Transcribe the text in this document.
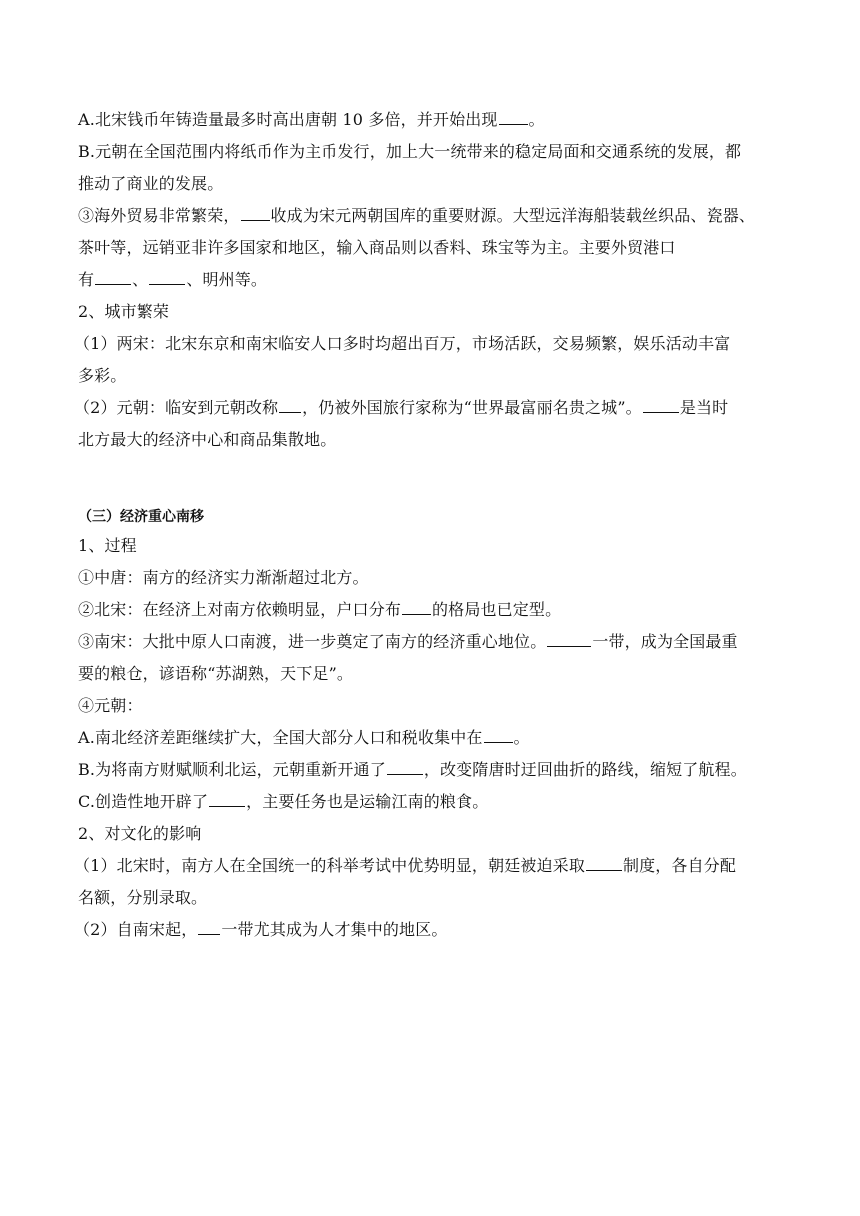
A.北宋钱币年铸造量最多时高出唐朝 10 多倍，并开始出现 。
B.元朝在全国范围内将纸币作为主币发行，加上大一统带来的稳定局面和交通系统的发展，都
推动了商业的发展。
③海外贸易非常繁荣， 收成为宋元两朝国库的重要财源。大型远洋海船装载丝织品、瓷器、
茶叶等，远销亚非许多国家和地区，输入商品则以香料、珠宝等为主。主要外贸港口
有 、 、明州等。
2、城市繁荣
（1）两宋：北宋东京和南宋临安人口多时均超出百万，市场活跃，交易频繁，娱乐活动丰富
多彩。
（2）元朝：临安到元朝改称 ，仍被外国旅行家称为“世界最富丽名贵之城”。 是当时
北方最大的经济中心和商品集散地。
（三）经济重心南移
1、过程
①中唐：南方的经济实力渐渐超过北方。
②北宋：在经济上对南方依赖明显，户口分布 的格局也已定型。
③南宋：大批中原人口南渡，进一步奠定了南方的经济重心地位。	一带，成为全国最重
要的粮仓，谚语称“苏湖熟，天下足”。
④元朝：
A.南北经济差距继续扩大，全国大部分人口和税收集中在 。
B.为将南方财赋顺利北运，元朝重新开通了 ，改变隋唐时迂回曲折的路线，缩短了航程。
C.创造性地开辟了 ，主要任务也是运输江南的粮食。
2、对文化的影响
（1）北宋时，南方人在全国统一的科举考试中优势明显，朝廷被迫采取 制度，各自分配
名额，分别录取。
（2）自南宋起， 一带尤其成为人才集中的地区。
